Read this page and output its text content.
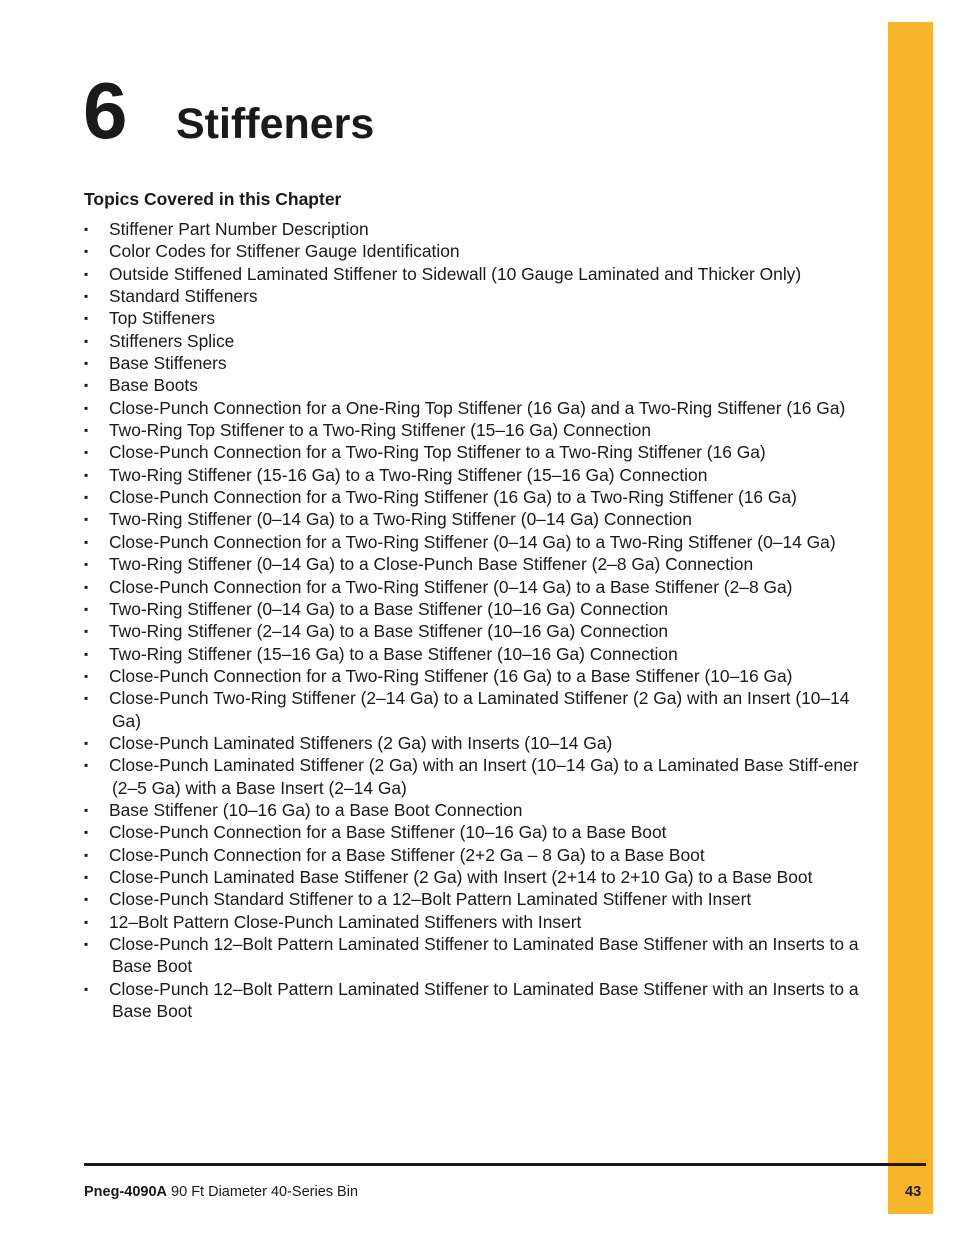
6 Stiffeners
Topics Covered in this Chapter
▪ Stiffener Part Number Description
▪ Color Codes for Stiffener Gauge Identification
▪ Outside Stiffened Laminated Stiffener to Sidewall (10 Gauge Laminated and Thicker Only)
▪ Standard Stiffeners
▪ Top Stiffeners
▪ Stiffeners Splice
▪ Base Stiffeners
▪ Base Boots
▪ Close-Punch Connection for a One-Ring Top Stiffener (16 Ga) and a Two-Ring Stiffener (16 Ga)
▪ Two-Ring Top Stiffener to a Two-Ring Stiffener (15–16 Ga) Connection
▪ Close-Punch Connection for a Two-Ring Top Stiffener to a Two-Ring Stiffener (16 Ga)
▪ Two-Ring Stiffener (15-16 Ga) to a Two-Ring Stiffener (15–16 Ga) Connection
▪ Close-Punch Connection for a Two-Ring Stiffener (16 Ga) to a Two-Ring Stiffener (16 Ga)
▪ Two-Ring Stiffener (0–14 Ga) to a Two-Ring Stiffener (0–14 Ga) Connection
▪ Close-Punch Connection for a Two-Ring Stiffener (0–14 Ga) to a Two-Ring Stiffener (0–14 Ga)
▪ Two-Ring Stiffener (0–14 Ga) to a Close-Punch Base Stiffener (2–8 Ga) Connection
▪ Close-Punch Connection for a Two-Ring Stiffener (0–14 Ga) to a Base Stiffener (2–8 Ga)
▪ Two-Ring Stiffener (0–14 Ga) to a Base Stiffener (10–16 Ga) Connection
▪ Two-Ring Stiffener (2–14 Ga) to a Base Stiffener (10–16 Ga) Connection
▪ Two-Ring Stiffener (15–16 Ga) to a Base Stiffener (10–16 Ga) Connection
▪ Close-Punch Connection for a Two-Ring Stiffener (16 Ga) to a Base Stiffener (10–16 Ga)
▪ Close-Punch Two-Ring Stiffener (2–14 Ga) to a Laminated Stiffener (2 Ga) with an Insert (10–14 Ga)
▪ Close-Punch Laminated Stiffeners (2 Ga) with Inserts (10–14 Ga)
▪ Close-Punch Laminated Stiffener (2 Ga) with an Insert (10–14 Ga) to a Laminated Base Stiff-ener (2–5 Ga) with a Base Insert (2–14 Ga)
▪ Base Stiffener (10–16 Ga) to a Base Boot Connection
▪ Close-Punch Connection for a Base Stiffener (10–16 Ga) to a Base Boot
▪ Close-Punch Connection for a Base Stiffener (2+2 Ga – 8 Ga) to a Base Boot
▪ Close-Punch Laminated Base Stiffener (2 Ga) with Insert (2+14 to 2+10 Ga) to a Base Boot
▪ Close-Punch Standard Stiffener to a 12–Bolt Pattern Laminated Stiffener with Insert
▪ 12–Bolt Pattern Close-Punch Laminated Stiffeners with Insert
▪ Close-Punch 12–Bolt Pattern Laminated Stiffener to Laminated Base Stiffener with an Inserts to a Base Boot
▪ Close-Punch 12–Bolt Pattern Laminated Stiffener to Laminated Base Stiffener with an Inserts to a Base Boot
Pneg-4090A 90 Ft Diameter 40-Series Bin	43
